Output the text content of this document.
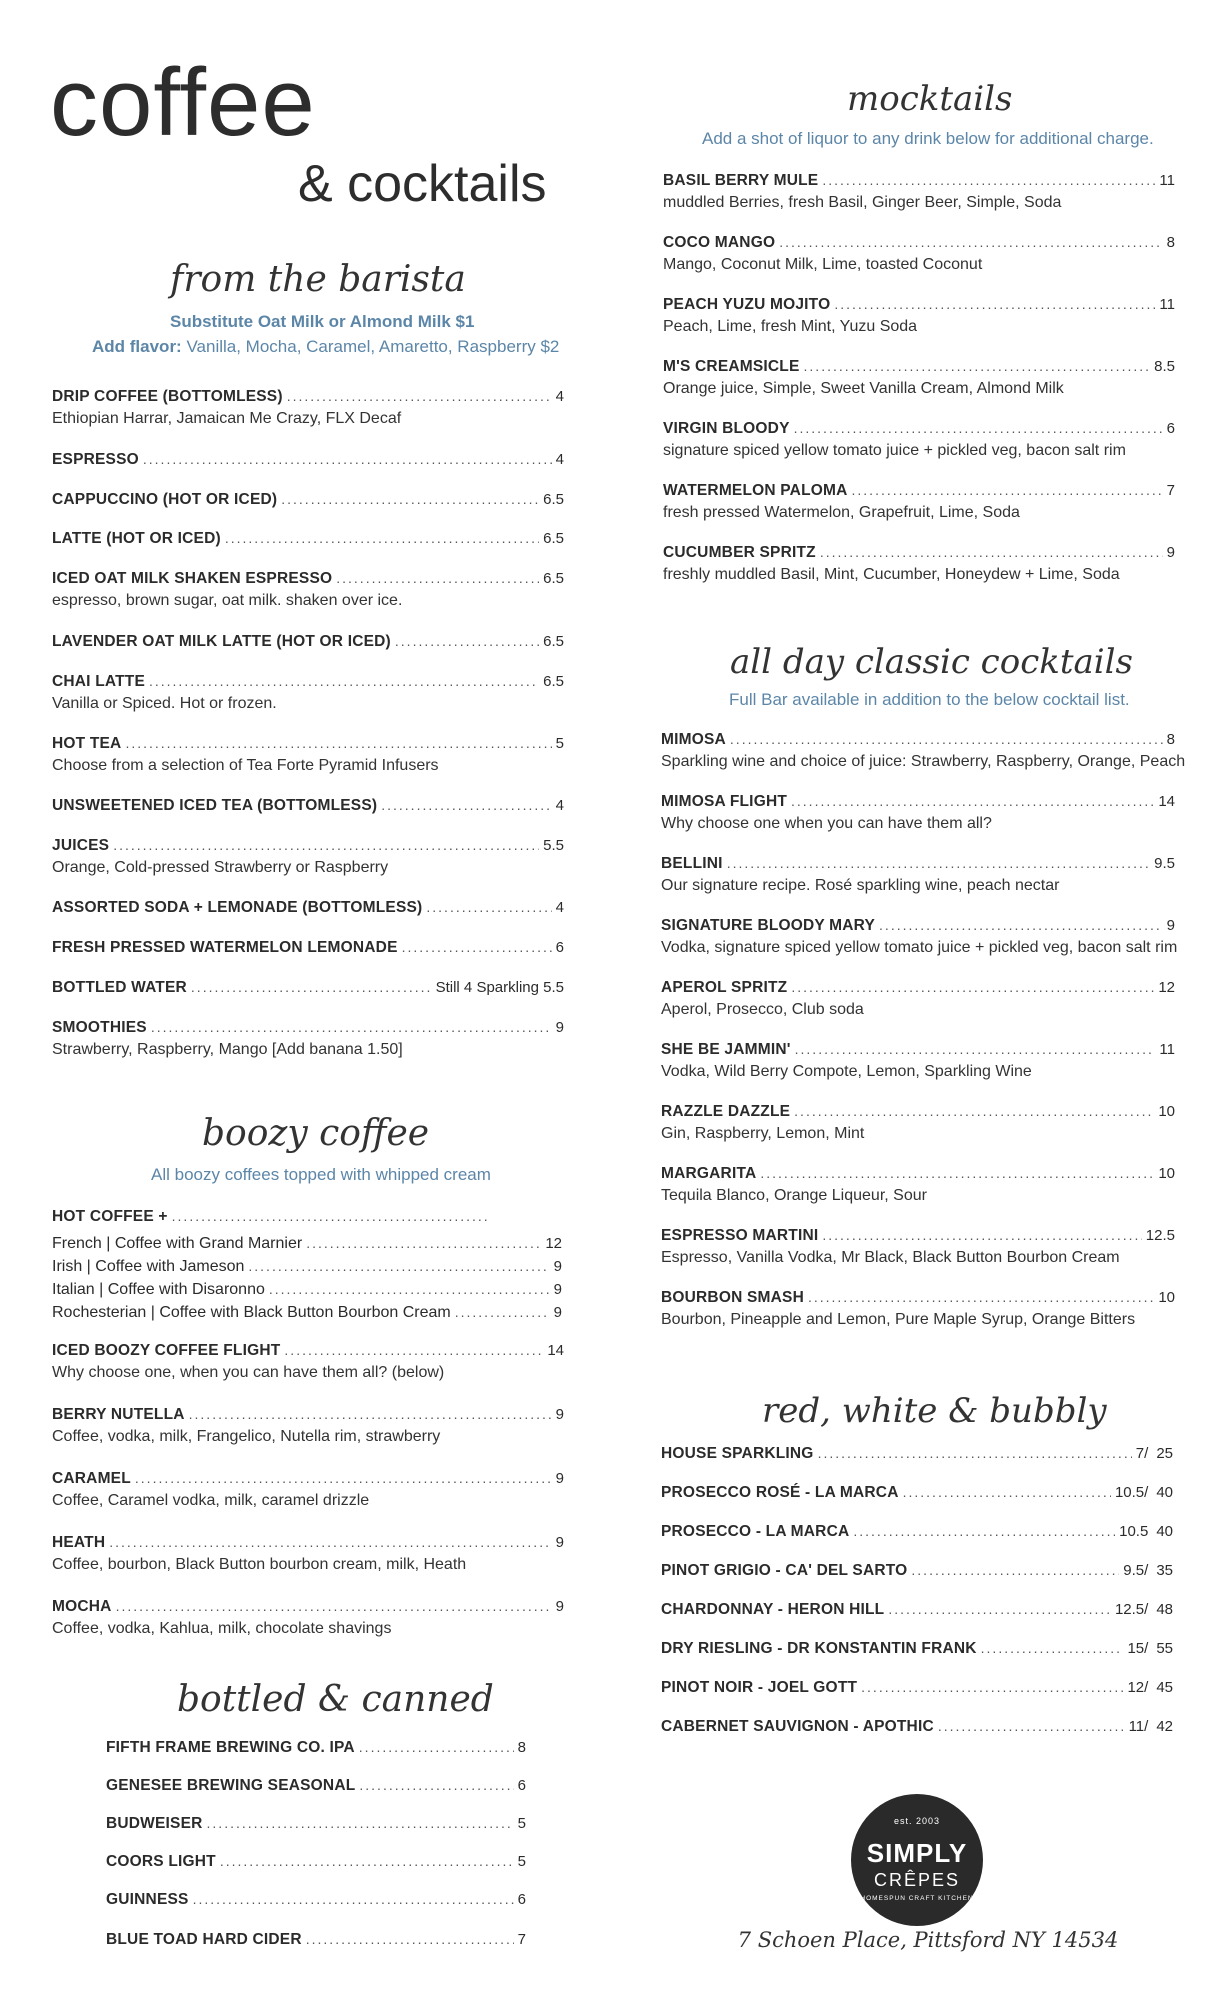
coffee
& cocktails
from the barista
Substitute Oat Milk or Almond Milk $1
Add flavor: Vanilla, Mocha, Caramel, Amaretto, Raspberry $2
DRIP COFFEE (BOTTOMLESS) .....	4
Ethiopian Harrar, Jamaican Me Crazy, FLX Decaf
ESPRESSO .....	4
CAPPUCCINO (HOT OR ICED) .....	6.5
LATTE (HOT OR ICED) .....	6.5
ICED OAT MILK SHAKEN ESPRESSO .....	6.5
espresso, brown sugar, oat milk. shaken over ice.
LAVENDER OAT MILK LATTE (HOT OR ICED) .....	6.5
CHAI LATTE .....	6.5
Vanilla or Spiced. Hot or frozen.
HOT TEA .....	5
Choose from a selection of Tea Forte Pyramid Infusers
UNSWEETENED ICED TEA (BOTTOMLESS) .....	4
JUICES .....	5.5
Orange, Cold-pressed Strawberry or Raspberry
ASSORTED SODA + LEMONADE (BOTTOMLESS) .....	4
FRESH PRESSED WATERMELON LEMONADE .....	6
BOTTLED WATER .....	Still 4 Sparkling 5.5
SMOOTHIES .....	9
Strawberry, Raspberry, Mango [Add banana 1.50]
boozy coffee
All boozy coffees topped with whipped cream
HOT COFFEE +
.....
French | Coffee with Grand Marnier .....	12
Irish | Coffee with Jameson .....	9
Italian | Coffee with Disaronno .....	9
Rochesterian | Coffee with Black Button Bourbon Cream .....	9
ICED BOOZY COFFEE FLIGHT .....	14
Why choose one, when you can have them all? (below)
BERRY NUTELLA .....	9
Coffee, vodka, milk, Frangelico, Nutella rim, strawberry
CARAMEL .....	9
Coffee, Caramel vodka, milk, caramel drizzle
HEATH .....	9
Coffee, bourbon, Black Button bourbon cream, milk, Heath
MOCHA .....	9
Coffee, vodka, Kahlua, milk, chocolate shavings
bottled & canned
FIFTH FRAME BREWING CO. IPA .....	8
GENESEE BREWING SEASONAL .....	6
BUDWEISER .....	5
COORS LIGHT .....	5
GUINNESS .....	6
BLUE TOAD HARD CIDER .....	7
mocktails
Add a shot of liquor to any drink below for additional charge.
BASIL BERRY MULE .....	11
muddled Berries, fresh Basil, Ginger Beer, Simple, Soda
COCO MANGO .....	8
Mango, Coconut Milk, Lime, toasted Coconut
PEACH YUZU MOJITO .....	11
Peach, Lime, fresh Mint, Yuzu Soda
M'S CREAMSICLE .....	8.5
Orange juice, Simple, Sweet Vanilla Cream, Almond Milk
VIRGIN BLOODY .....	6
signature spiced yellow tomato juice + pickled veg, bacon salt rim
WATERMELON PALOMA .....	7
fresh pressed Watermelon, Grapefruit, Lime, Soda
CUCUMBER SPRITZ .....	9
freshly muddled Basil, Mint, Cucumber, Honeydew + Lime, Soda
all day classic cocktails
Full Bar available in addition to the below cocktail list.
MIMOSA .....	8
Sparkling wine and choice of juice: Strawberry, Raspberry, Orange, Peach
MIMOSA FLIGHT .....	14
Why choose one when you can have them all?
BELLINI .....	9.5
Our signature recipe. Rosé sparkling wine, peach nectar
SIGNATURE BLOODY MARY .....	9
Vodka, signature spiced yellow tomato juice + pickled veg, bacon salt rim
APEROL SPRITZ .....	12
Aperol, Prosecco, Club soda
SHE BE JAMMIN' .....	11
Vodka, Wild Berry Compote, Lemon, Sparkling Wine
RAZZLE DAZZLE .....	10
Gin, Raspberry, Lemon, Mint
MARGARITA .....	10
Tequila Blanco, Orange Liqueur, Sour
ESPRESSO MARTINI .....	12.5
Espresso, Vanilla Vodka, Mr Black, Black Button Bourbon Cream
BOURBON SMASH .....	10
Bourbon, Pineapple and Lemon, Pure Maple Syrup, Orange Bitters
red, white & bubbly
HOUSE SPARKLING .....	7/ 25
PROSECCO ROSÉ - LA MARCA .....	10.5/ 40
PROSECCO - LA MARCA .....	10.5 40
PINOT GRIGIO - CA' DEL SARTO .....	9.5/ 35
CHARDONNAY - HERON HILL .....	12.5/ 48
DRY RIESLING - DR KONSTANTIN FRANK .....	15/ 55
PINOT NOIR - JOEL GOTT .....	12/ 45
CABERNET SAUVIGNON - APOTHIC .....	11/ 42
est. 2003
SIMPLY
CRÊPES
HOMESPUN CRAFT KITCHEN
7 Schoen Place, Pittsford NY 14534
